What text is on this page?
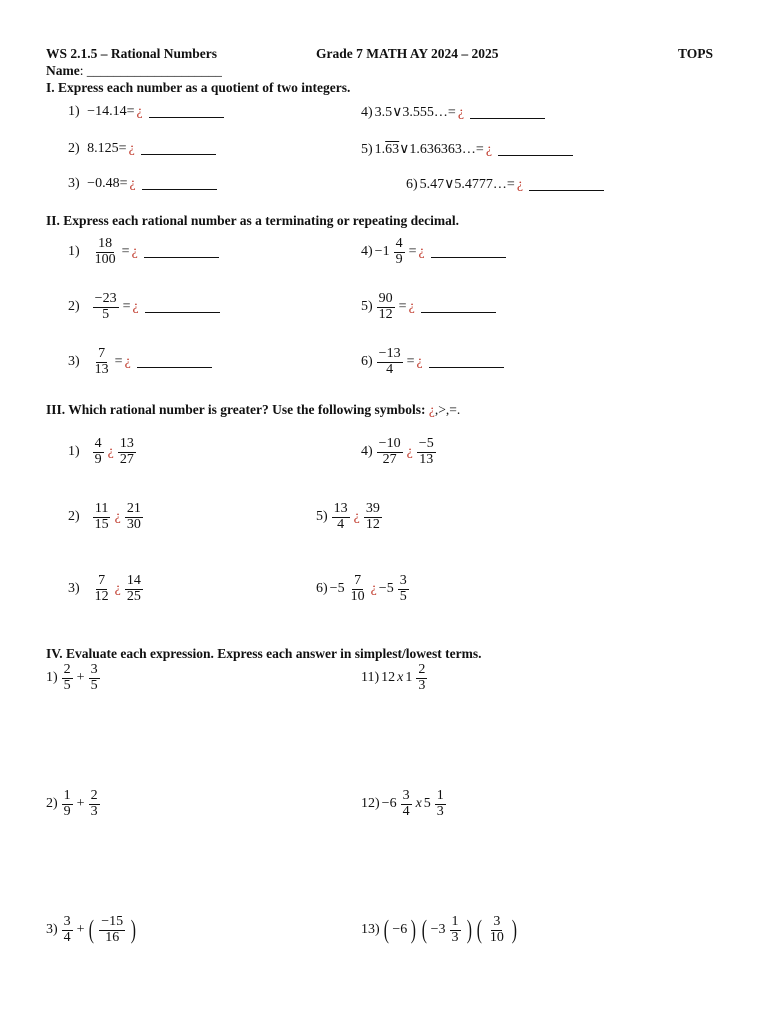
WS 2.1.5 – Rational Numbers	Grade 7 MATH AY 2024 – 2025	TOPS
Name: ____________________
I. Express each number as a quotient of two integers.
1)
−14.14= ¿
2)
8.125= ¿
3)
−0.48= ¿
4) 3.5∨3.555…= ¿
5) 1.63∨1.636363…= ¿
6) 5.47∨5.4777…= ¿
II. Express each rational number as a terminating or repeating decimal.
1)
$\frac{18}{100}$ = ¿
2)
$\frac{-23}{5}$ = ¿
3)
$\frac{7}{13}$ = ¿
$4) -1 \frac{4}{9}$ = ¿
$5) \frac{90}{12}$ = ¿
$6) \frac{-13}{4}$ = ¿
III. Which rational number is greater? Use the following symbols: ¿,>,=.
1)
$\frac{4}{9}$ ¿ $\frac{13}{27}$
2)
$\frac{11}{15}$ ¿ $\frac{21}{30}$
3)
$\frac{7}{12}$ ¿ $\frac{14}{25}$
$4) \frac{-10}{27}$ ¿ $\frac{-5}{13}$
$5) \frac{13}{4}$ ¿ $\frac{39}{12}$
$6) -5 \frac{7}{10}$ ¿ $-5 \frac{3}{5}$
IV. Evaluate each expression. Express each answer in simplest/lowest terms.
$1) \frac{2}{5} + \frac{3}{5}$
$2) \frac{1}{9} + \frac{2}{3}$
$3) \frac{3}{4}$ + ( $\frac{-15}{16}$ )
11) 12 x $1 \frac{2}{3}$
$12) -6 \frac{3}{4}$ x $5 \frac{1}{3}$
13) ( −6 ) ( $-3 \frac{1}{3}$ ) ( $\frac{3}{10}$ )
